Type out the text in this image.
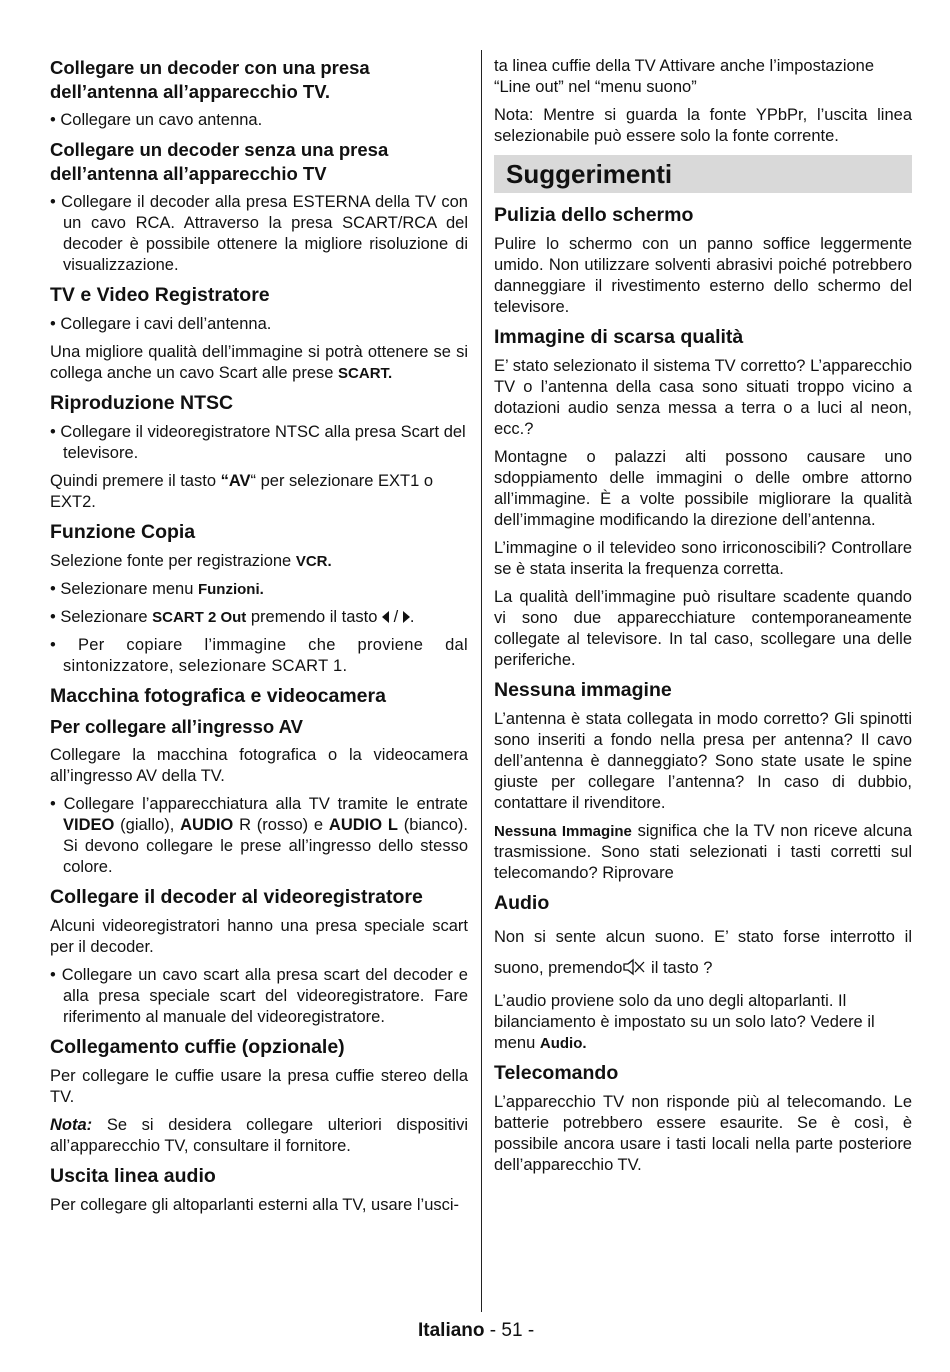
Collegare un decoder con una presa dell’antenna all’apparecchio TV.

• Collegare un cavo antenna.

Collegare un decoder senza una presa dell’antenna all’apparecchio TV

• Collegare il decoder alla presa ESTERNA della TV con un cavo RCA. Attraverso la presa SCART/RCA del decoder è possibile ottenere la migliore risoluzione di visualizzazione.

TV e Video Registratore

• Collegare i cavi dell’antenna.

Una migliore qualità dell’immagine si potrà ottenere se si collega anche un cavo Scart alle prese SCART.

Riproduzione NTSC

• Collegare il videoregistratore NTSC alla presa Scart del televisore.

Quindi premere il tasto “AV“ per selezionare EXT1 o EXT2.

Funzione Copia

Selezione fonte per registrazione VCR.

• Selezionare menu Funzioni.

• Selezionare SCART 2 Out premendo il tasto  / .

• Per copiare l’immagine che proviene dal sintonizzatore, selezionare SCART 1.

Macchina fotografica e videocamera
Per collegare all’ingresso AV

Collegare la macchina fotografica o la videocamera all’ingresso AV della TV.

• Collegare l’apparecchiatura alla TV tramite le entrate VIDEO (giallo), AUDIO R (rosso) e AUDIO L (bianco). Si devono collegare le prese all’ingresso dello stesso colore.

Collegare il decoder al videoregistratore

Alcuni videoregistratori hanno una presa speciale scart per il decoder.

• Collegare un cavo scart alla presa scart del decoder e alla presa speciale scart del videoregistratore. Fare riferimento al manuale del videoregistratore.

Collegamento cuffie (opzionale)

Per collegare le cuffie usare la presa cuffie stereo della TV.

Nota: Se si desidera collegare ulteriori dispositivi all’apparecchio TV, consultare il fornitore.

Uscita linea audio

Per collegare gli altoparlanti esterni alla TV, usare l’usci-

ta linea cuffie della TV Attivare anche l’impostazione “Line out” nel “menu suono”

Nota: Mentre si guarda la fonte YPbPr, l’uscita linea selezionabile può essere solo la fonte corrente.

Suggerimenti
Pulizia dello schermo

Pulire lo schermo con un panno soffice leggermente umido. Non utilizzare solventi abrasivi poiché potrebbero danneggiare il rivestimento esterno dello schermo del televisore.

Immagine di scarsa qualità

E’ stato selezionato il sistema TV corretto? L’apparecchio TV o l’antenna della casa sono situati troppo vicino a dotazioni audio senza messa a terra o a luci al neon, ecc.?

Montagne o palazzi alti possono causare uno sdoppiamento delle immagini o delle ombre attorno all’immagine. È a volte possibile migliorare la qualità dell’immagine modificando la direzione dell’antenna.

L’immagine o il televideo sono irriconoscibili? Controllare se è stata inserita la frequenza corretta.

La qualità dell’immagine può risultare scadente quando vi sono due apparecchiature contemporaneamente collegate al televisore. In tal caso, scollegare una delle periferiche.

Nessuna immagine

L’antenna è stata collegata in modo corretto? Gli spinotti sono inseriti a fondo nella presa per antenna? Il cavo dell’antenna è danneggiato? Sono state usate le spine giuste per collegare l’antenna? In caso di dubbio, contattare il rivenditore.

Nessuna Immagine significa che la TV non riceve alcuna trasmissione. Sono stati selezionati i tasti corretti sul telecomando? Riprovare

Audio

Non si sente alcun suono. E’ stato forse interrotto il suono, premendo il tasto ?

L’audio proviene solo da uno degli altoparlanti. Il bilanciamento è impostato su un solo lato? Vedere il menu Audio.

Telecomando

L’apparecchio TV non risponde più al telecomando. Le batterie potrebbero essere esaurite. Se è così, è possibile ancora usare i tasti locali nella parte posteriore dell’apparecchio TV.

Italiano - 51 -
